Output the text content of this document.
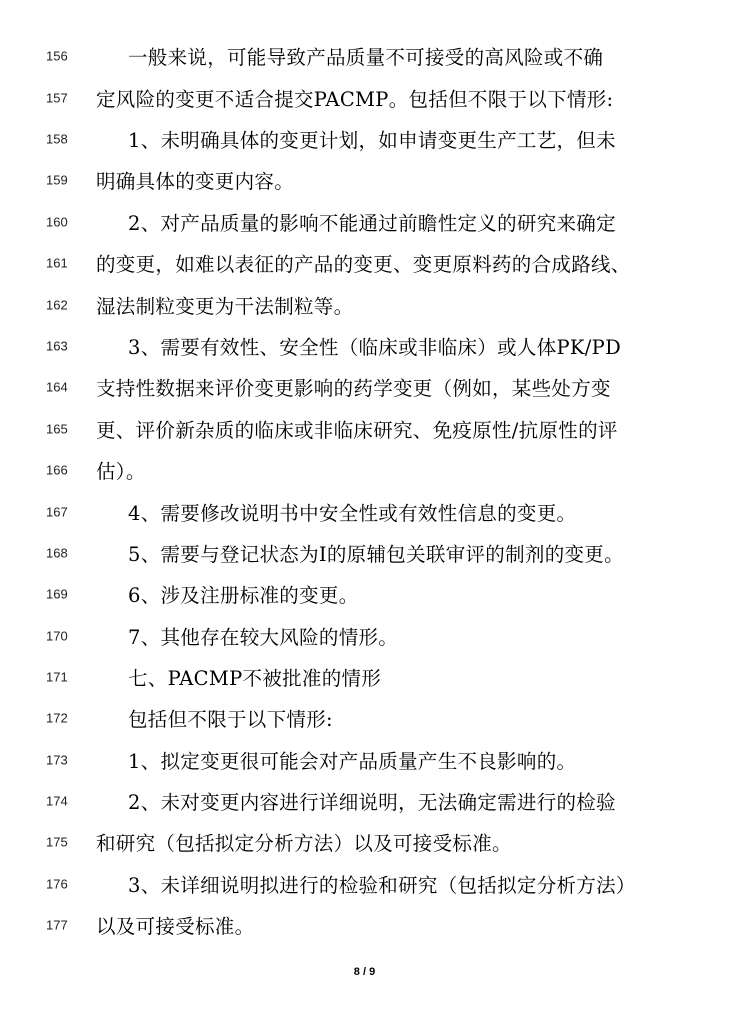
156	一般来说，可能导致产品质量不可接受的高风险或不确
157 定风险的变更不适合提交PACMP。包括但不限于以下情形:
158	1、未明确具体的变更计划，如申请变更生产工艺，但未
159 明确具体的变更内容。
160	2、对产品质量的影响不能通过前瞻性定义的研究来确定
161 的变更，如难以表征的产品的变更、变更原料药的合成路线、
162 湿法制粒变更为干法制粒等。
163	3、需要有效性、安全性（临床或非临床）或人体PK/PD
164 支持性数据来评价变更影响的药学变更（例如，某些处方变
165 更、评价新杂质的临床或非临床研究、免疫原性/抗原性的评
166 估）。
167	4、需要修改说明书中安全性或有效性信息的变更。
168	5、需要与登记状态为I的原辅包关联审评的制剂的变更。
169	6、涉及注册标准的变更。
170	7、其他存在较大风险的情形。
171	七、PACMP不被批准的情形
172	包括但不限于以下情形:
173	1、拟定变更很可能会对产品质量产生不良影响的。
174	2、未对变更内容进行详细说明，无法确定需进行的检验
175 和研究（包括拟定分析方法）以及可接受标准。
176	3、未详细说明拟进行的检验和研究（包括拟定分析方法）
177 以及可接受标准。
8 / 9
